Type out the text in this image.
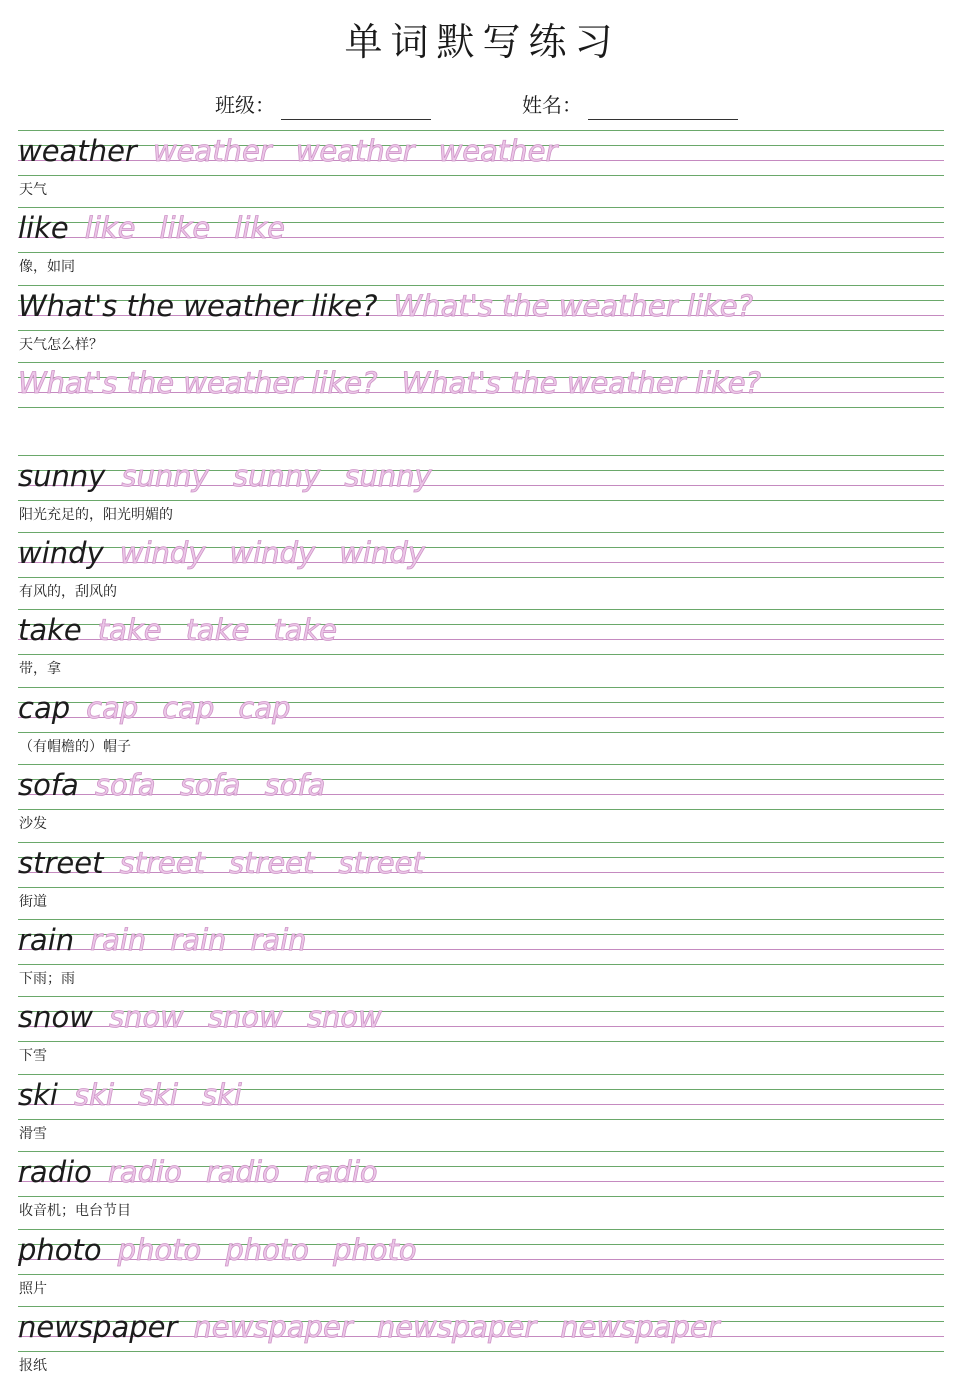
单词默写练习
班级：	姓名：
weather weather weather weather
天气
like like like like
像，如同
What's the weather like? What's the weather like?
天气怎么样？
What's the weather like? What's the weather like?
sunny sunny sunny sunny
阳光充足的，阳光明媚的
windy windy windy windy
有风的，刮风的
take take take take
带，拿
cap cap cap cap
（有帽檐的）帽子
sofa sofa sofa sofa
沙发
street street street street
街道
rain rain rain rain
下雨；雨
snow snow snow snow
下雪
ski ski ski ski
滑雪
radio radio radio radio
收音机；电台节目
photo photo photo photo
照片
newspaper newspaper newspaper newspaper
报纸
